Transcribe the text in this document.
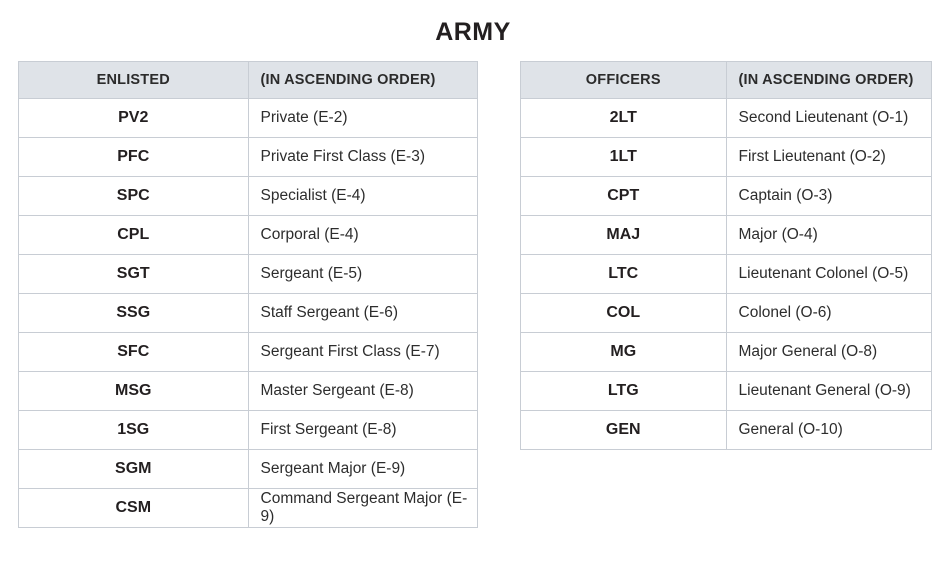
ARMY
ENLISTED	(IN ASCENDING ORDER)
PV2	Private (E-2)
PFC	Private First Class (E-3)
SPC	Specialist (E-4)
CPL	Corporal (E-4)
SGT	Sergeant (E-5)
SSG	Staff Sergeant (E-6)
SFC	Sergeant First Class (E-7)
MSG	Master Sergeant (E-8)
1SG	First Sergeant (E-8)
SGM	Sergeant Major (E-9)
CSM	Command Sergeant Major (E-9)
OFFICERS	(IN ASCENDING ORDER)
2LT	Second Lieutenant (O-1)
1LT	First Lieutenant (O-2)
CPT	Captain (O-3)
MAJ	Major (O-4)
LTC	Lieutenant Colonel (O-5)
COL	Colonel (O-6)
MG	Major General (O-8)
LTG	Lieutenant General (O-9)
GEN	General (O-10)
